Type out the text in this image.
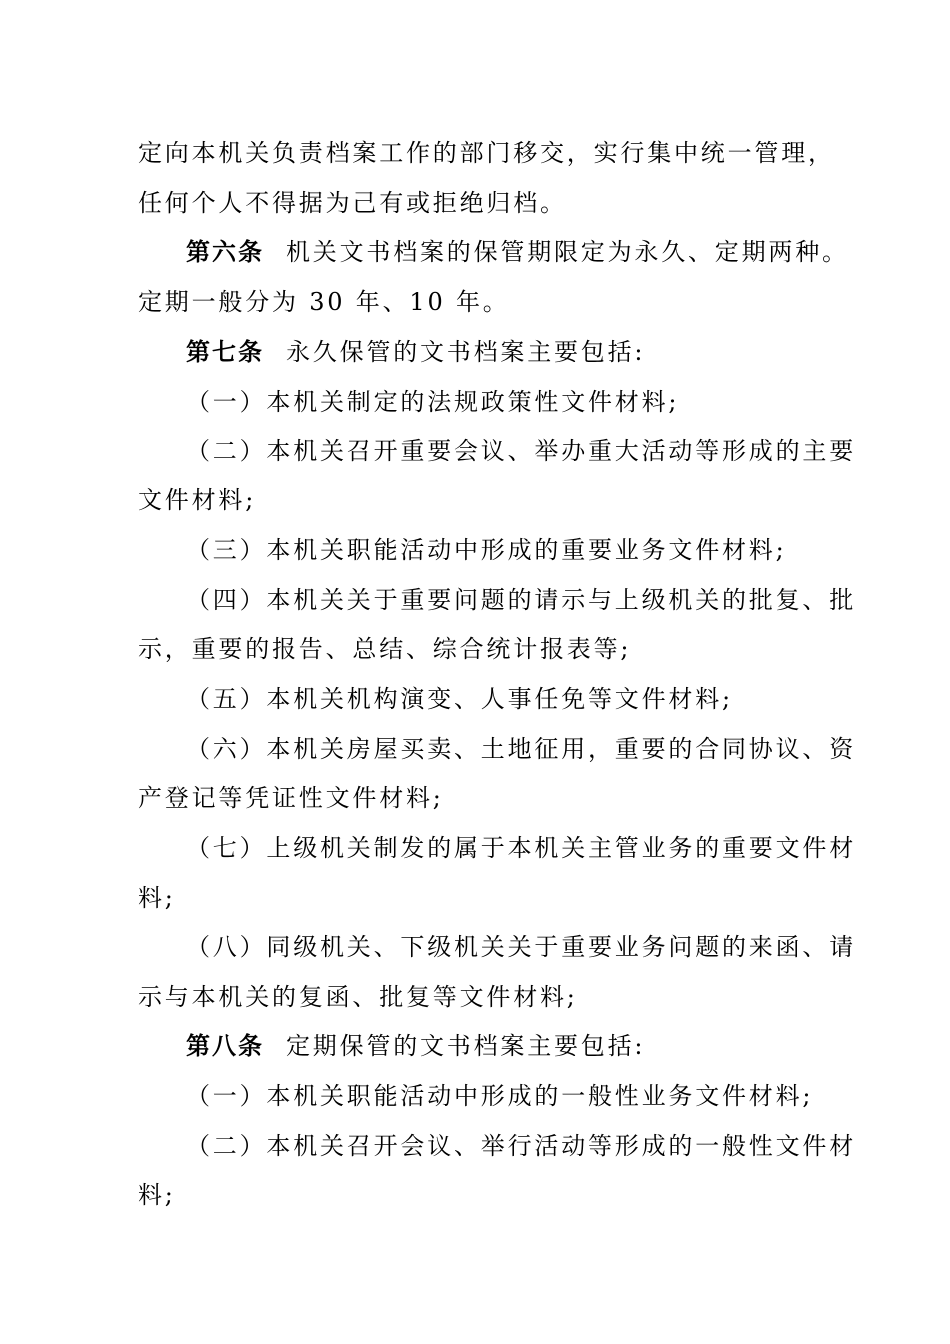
定向本机关负责档案工作的部门移交，实行集中统一管理，
任何个人不得据为己有或拒绝归档。
第六条 机关文书档案的保管期限定为永久、定期两种。
定期一般分为 30 年、10 年。
第七条 永久保管的文书档案主要包括:
（一）本机关制定的法规政策性文件材料;
（二）本机关召开重要会议、举办重大活动等形成的主要
文件材料;
（三）本机关职能活动中形成的重要业务文件材料;
（四）本机关关于重要问题的请示与上级机关的批复、批
示，重要的报告、总结、综合统计报表等;
（五）本机关机构演变、人事任免等文件材料;
（六）本机关房屋买卖、土地征用，重要的合同协议、资
产登记等凭证性文件材料;
（七）上级机关制发的属于本机关主管业务的重要文件材
料;
（八）同级机关、下级机关关于重要业务问题的来函、请
示与本机关的复函、批复等文件材料;
第八条 定期保管的文书档案主要包括:
（一）本机关职能活动中形成的一般性业务文件材料;
（二）本机关召开会议、举行活动等形成的一般性文件材
料;
